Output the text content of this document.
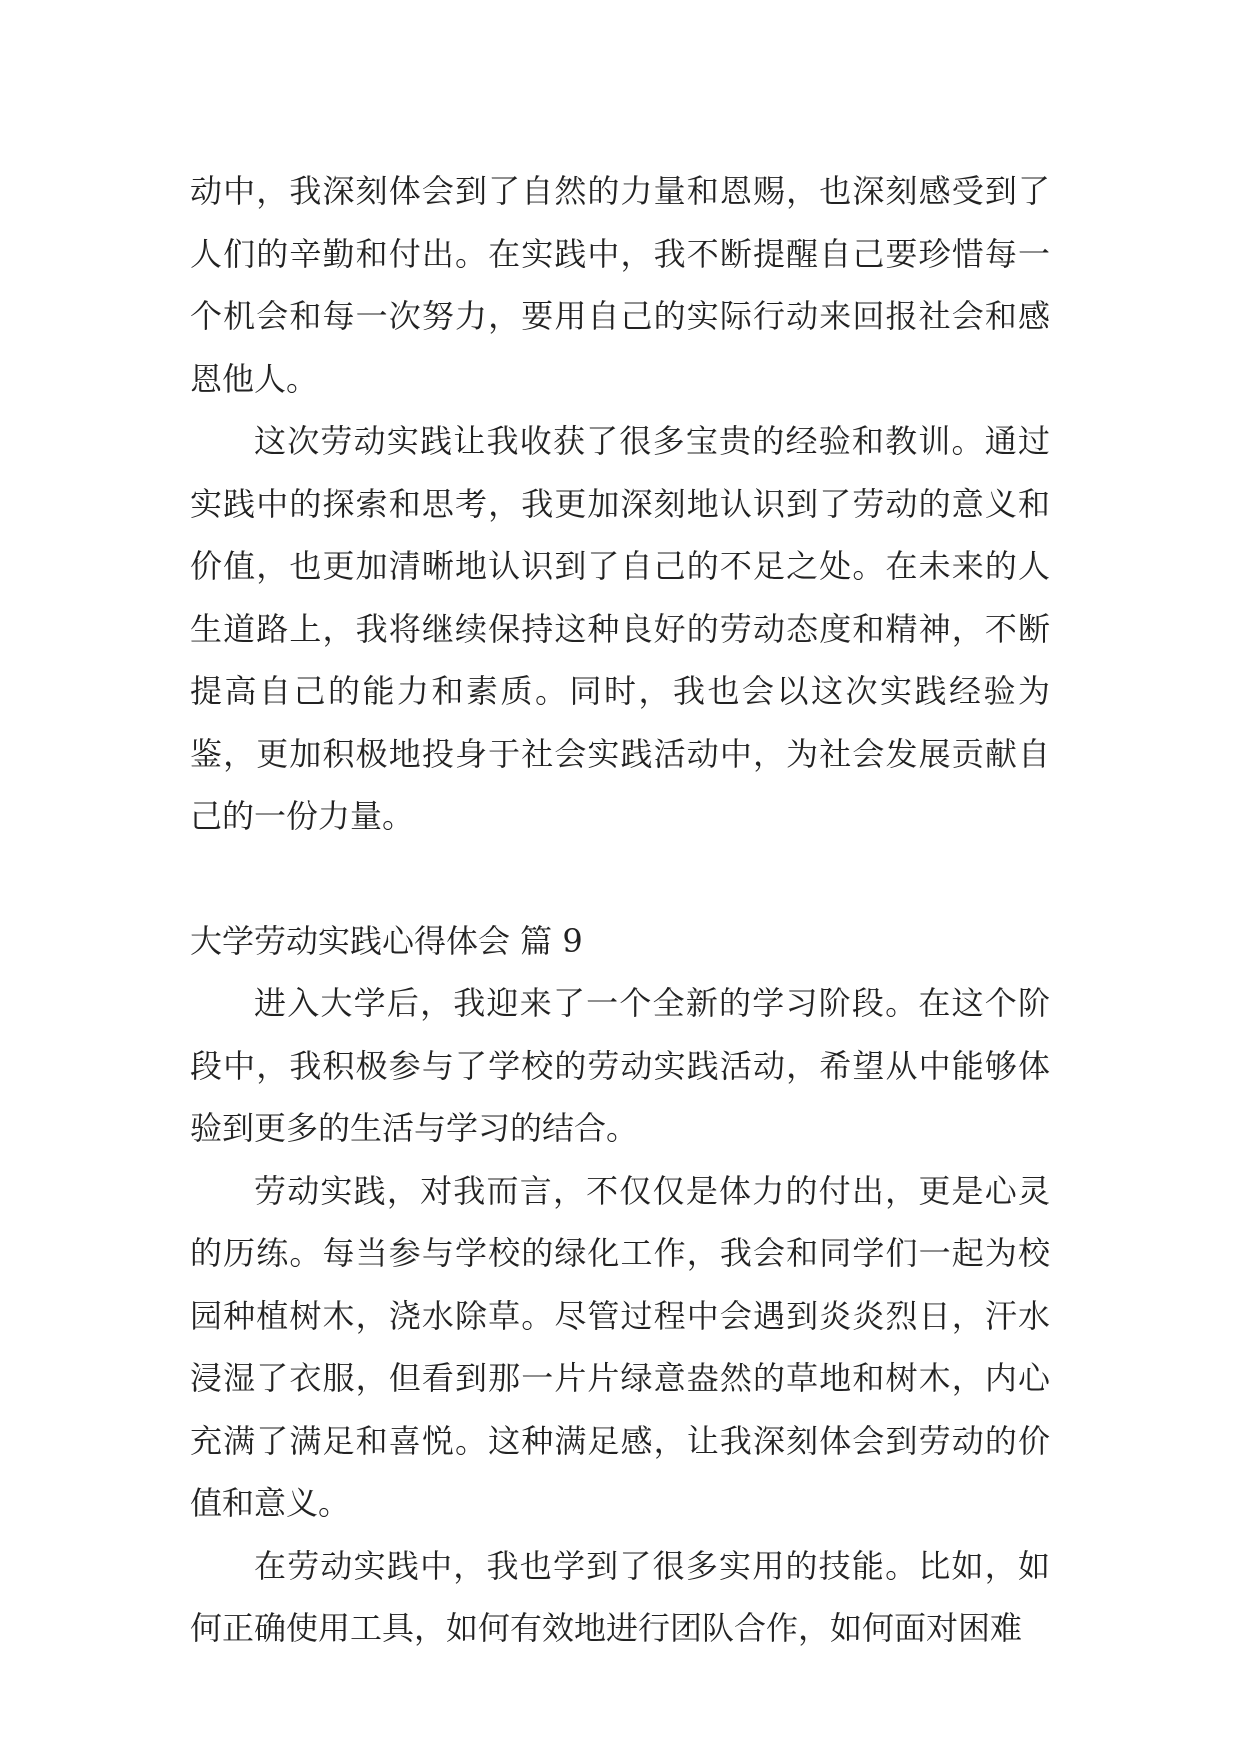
动中，我深刻体会到了自然的力量和恩赐，也深刻感受到了人们的辛勤和付出。在实践中，我不断提醒自己要珍惜每一个机会和每一次努力，要用自己的实际行动来回报社会和感恩他人。

这次劳动实践让我收获了很多宝贵的经验和教训。通过实践中的探索和思考，我更加深刻地认识到了劳动的意义和价值，也更加清晰地认识到了自己的不足之处。在未来的人生道路上，我将继续保持这种良好的劳动态度和精神，不断提高自己的能力和素质。同时，我也会以这次实践经验为鉴，更加积极地投身于社会实践活动中，为社会发展贡献自己的一份力量。

大学劳动实践心得体会 篇 9

进入大学后，我迎来了一个全新的学习阶段。在这个阶段中，我积极参与了学校的劳动实践活动，希望从中能够体验到更多的生活与学习的结合。

劳动实践，对我而言，不仅仅是体力的付出，更是心灵的历练。每当参与学校的绿化工作，我会和同学们一起为校园种植树木，浇水除草。尽管过程中会遇到炎炎烈日，汗水浸湿了衣服，但看到那一片片绿意盎然的草地和树木，内心充满了满足和喜悦。这种满足感，让我深刻体会到劳动的价值和意义。

在劳动实践中，我也学到了很多实用的技能。比如，如何正确使用工具，如何有效地进行团队合作，如何面对困难
